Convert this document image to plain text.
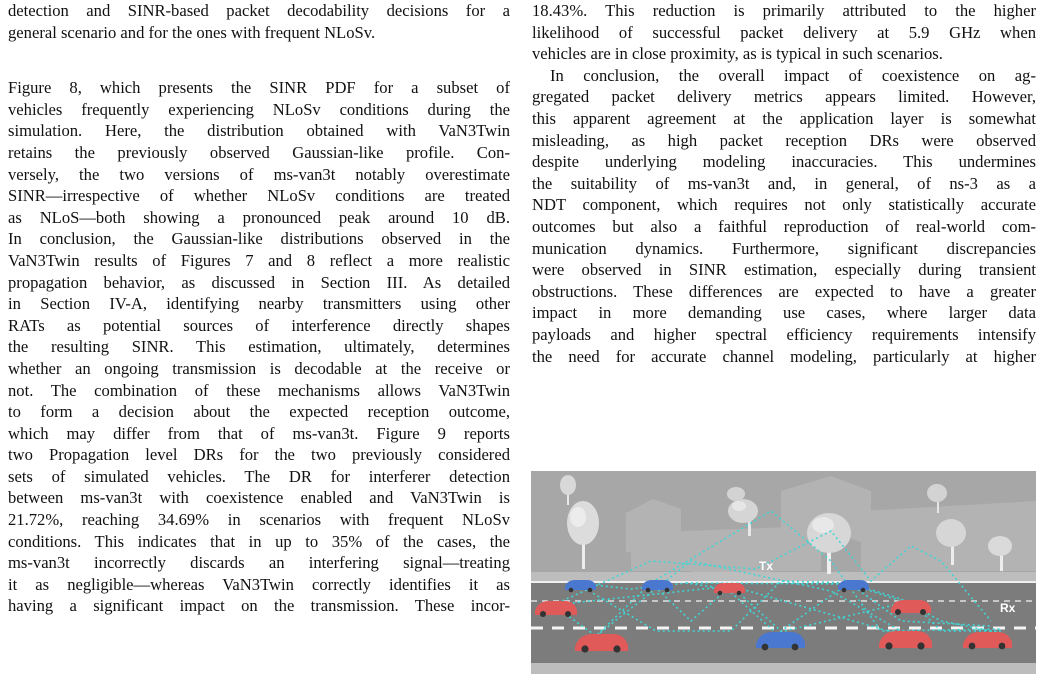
detection and SINR-based packet decodability decisions for a
general scenario and for the ones with frequent NLoSv.
Figure 8, which presents the SINR PDF for a subset of
vehicles frequently experiencing NLoSv conditions during the
simulation. Here, the distribution obtained with VaN3Twin
retains the previously observed Gaussian-like profile. Con-
versely, the two versions of ms-van3t notably overestimate
SINR—irrespective of whether NLoSv conditions are treated
as NLoS—both showing a pronounced peak around 10 dB.
In conclusion, the Gaussian-like distributions observed in the
VaN3Twin results of Figures 7 and 8 reflect a more realistic
propagation behavior, as discussed in Section III. As detailed
in Section IV-A, identifying nearby transmitters using other
RATs as potential sources of interference directly shapes
the resulting SINR. This estimation, ultimately, determines
whether an ongoing transmission is decodable at the receive or
not. The combination of these mechanisms allows VaN3Twin
to form a decision about the expected reception outcome,
which may differ from that of ms-van3t. Figure 9 reports
two Propagation level DRs for the two previously considered
sets of simulated vehicles. The DR for interferer detection
between ms-van3t with coexistence enabled and VaN3Twin is
21.72%, reaching 34.69% in scenarios with frequent NLoSv
conditions. This indicates that in up to 35% of the cases, the
ms-van3t incorrectly discards an interfering signal—treating
it as negligible—whereas VaN3Twin correctly identifies it as
having a significant impact on the transmission. These incor-
18.43%. This reduction is primarily attributed to the higher
likelihood of successful packet delivery at 5.9 GHz when
vehicles are in close proximity, as is typical in such scenarios.
In conclusion, the overall impact of coexistence on ag-
gregated packet delivery metrics appears limited. However,
this apparent agreement at the application layer is somewhat
misleading, as high packet reception DRs were observed
despite underlying modeling inaccuracies. This undermines
the suitability of ms-van3t and, in general, of ns-3 as a
NDT component, which requires not only statistically accurate
outcomes but also a faithful reproduction of real-world com-
munication dynamics. Furthermore, significant discrepancies
were observed in SINR estimation, especially during transient
obstructions. These differences are expected to have a greater
impact in more demanding use cases, where larger data
payloads and higher spectral efficiency requirements intensify
the need for accurate channel modeling, particularly at higher
Tx
Rx
